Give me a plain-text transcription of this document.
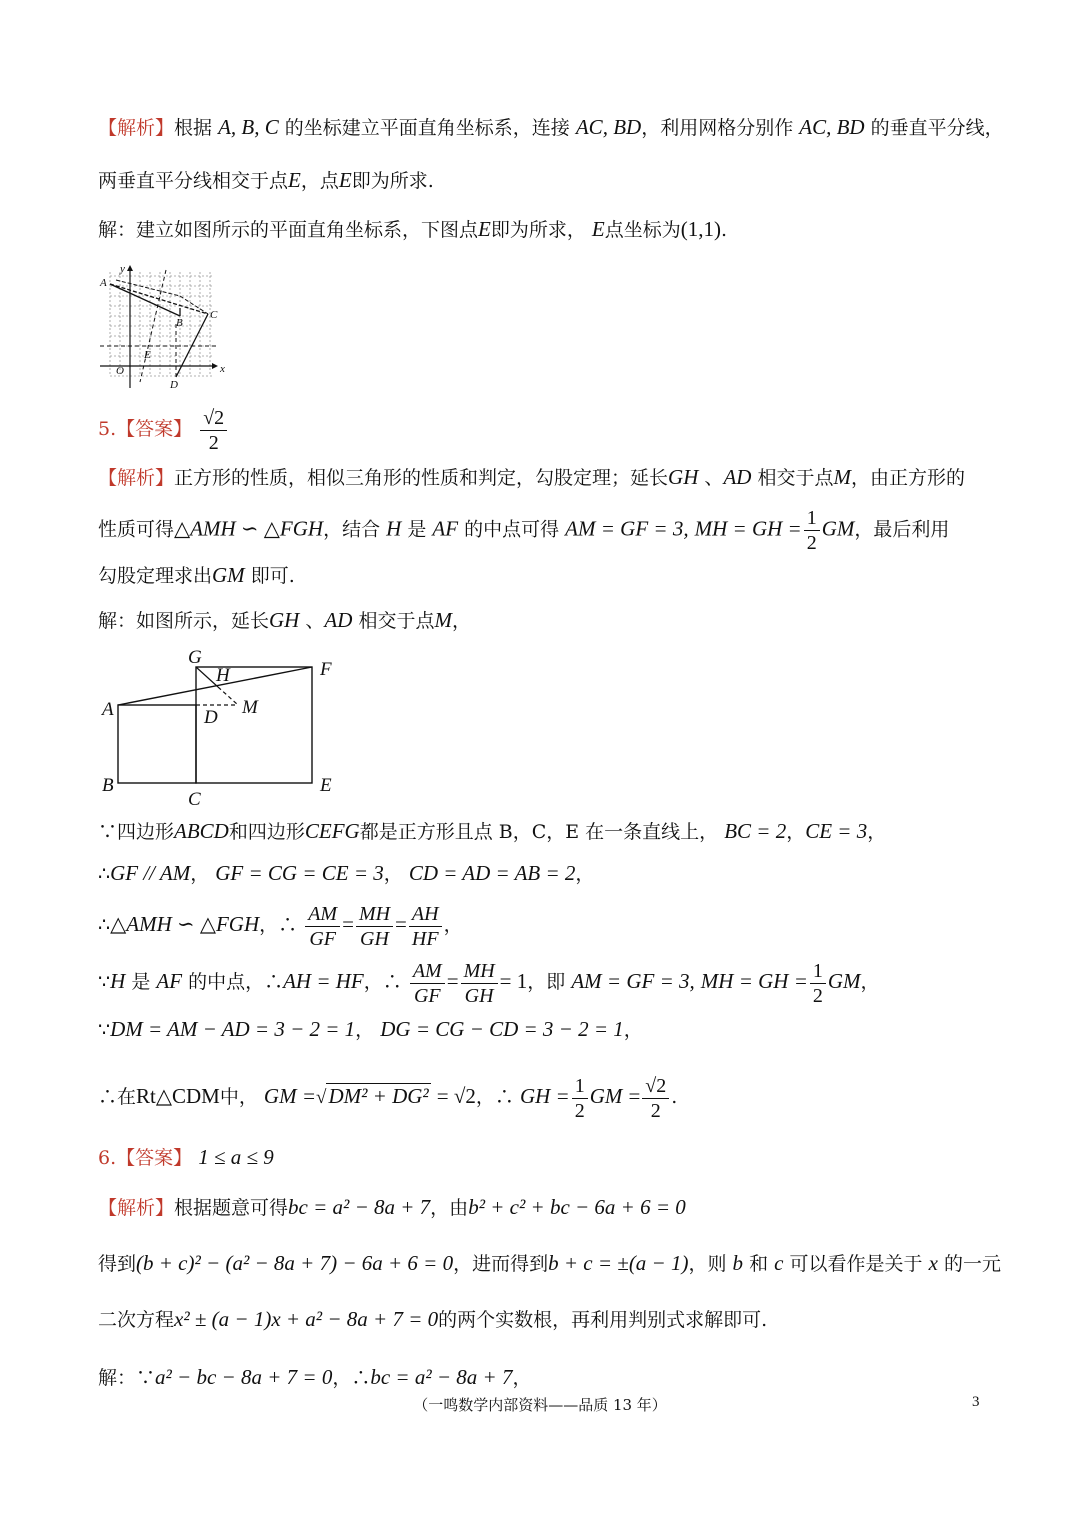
【解析】根据 A, B, C 的坐标建立平面直角坐标系，连接 AC, BD，利用网格分别作 AC, BD 的垂直平分线，
两垂直平分线相交于点E，点E即为所求.
解：建立如图所示的平面直角坐标系，下图点E即为所求， E点坐标为(1,1).
y
x
O
A
B
C
D
E
5.【答案】 $\frac{√2}{2}$
【解析】正方形的性质，相似三角形的性质和判定，勾股定理；延长GH 、AD 相交于点M，由正方形的
性质可得△AMH ∽ △FGH，结合 H 是 AF 的中点可得 AM = GF = 3, MH = GH = $\frac{1}{2}$ GM，最后利用
勾股定理求出GM 即可.
解：如图所示，延长GH 、AD 相交于点M，
G
H	F
A	D M
B
C
E
∵四边形ABCD和四边形CEFG都是正方形且点 B，C，E 在一条直线上， BC = 2，CE = 3，
∴GF // AM， GF = CG = CE = 3， CD = AD = AB = 2，
∴△AMH ∽ △FGH，∴ $\frac{AM}{GF} = \frac{MH}{GH} = \frac{AH}{HF}$ ，
∵H 是 AF 的中点，∴AH = HF，∴ $\frac{AM}{GF} = \frac{MH}{GH} = 1$，即 AM = GF = 3, MH = GH = $\frac{1}{2}$ GM，
∵DM = AM − AD = 3 − 2 = 1， DG = CG − CD = 3 − 2 = 1，
∴在Rt△CDM中， GM =√DM² + DG² = √2，∴ GH = $\frac{1}{2}$ GM = $\frac{√2}{2}$ .
6.【答案】 1 ≤ a ≤ 9
【解析】根据题意可得bc = a² − 8a + 7，由b² + c² + bc − 6a + 6 = 0
得到(b + c)² − (a² − 8a + 7) − 6a + 6 = 0，进而得到b + c = ±(a − 1)，则 b 和 c 可以看作是关于 x 的一元
二次方程x² ± (a − 1)x + a² − 8a + 7 = 0的两个实数根，再利用判别式求解即可.
解：∵a² − bc − 8a + 7 = 0，∴bc = a² − 8a + 7，
（一鸣数学内部资料——品质 13 年）	3
